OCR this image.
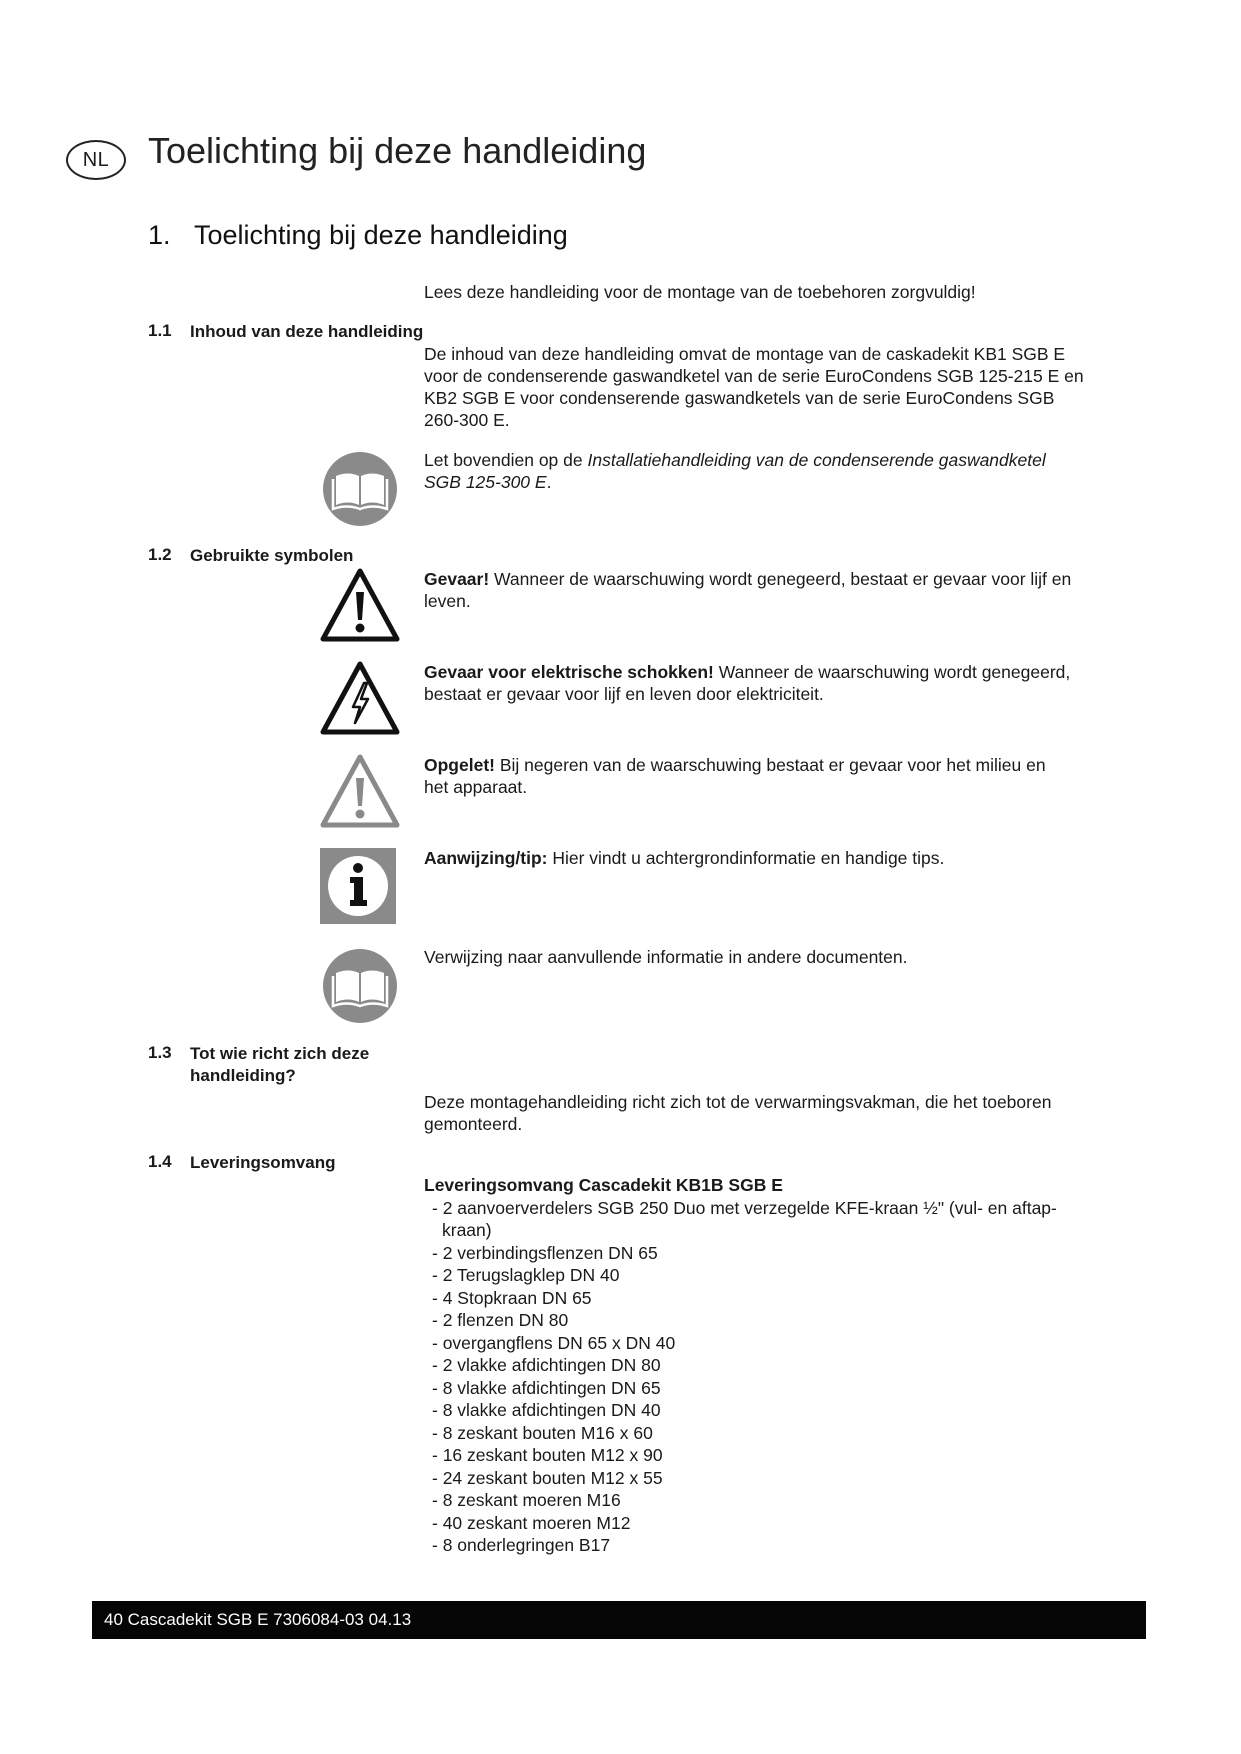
NL Toelichting bij deze handleiding
1. Toelichting bij deze handleiding

Lees deze handleiding voor de montage van de toebehoren zorgvuldig!

1.1	Inhoud van deze handleiding

De inhoud van deze handleiding omvat de montage van de caskadekit KB1 SGB E voor de condenserende gaswandketel van de serie EuroCondens SGB 125-215 E en KB2 SGB E voor condenserende gaswandketels van de serie EuroCondens SGB 260-300 E.

Let bovendien op de Installatiehandleiding van de condenserende gaswandketel SGB 125-300 E.

1.2	Gebruikte symbolen

Gevaar! Wanneer de waarschuwing wordt genegeerd, bestaat er gevaar voor lijf en leven.

Gevaar voor elektrische schokken! Wanneer de waarschuwing wordt genegeerd, bestaat er gevaar voor lijf en leven door elektriciteit.

Opgelet! Bij negeren van de waarschuwing bestaat er gevaar voor het milieu en het apparaat.

Aanwijzing/tip: Hier vindt u achtergrondinformatie en handige tips.

Verwijzing naar aanvullende informatie in andere documenten.

1.3	Tot wie richt zich deze handleiding?

Deze montagehandleiding richt zich tot de verwarmingsvakman, die het toeboren gemonteerd.

1.4	Leveringsomvang

Leveringsomvang Cascadekit KB1B SGB E

- 2 aanvoerverdelers SGB 250 Duo met verzegelde KFE-kraan ½" (vul- en aftap-kraan)
- 2 verbindingsflenzen DN 65
- 2 Terugslagklep DN 40
- 4 Stopkraan DN 65
- 2 flenzen DN 80
- overgangflens DN 65 x DN 40
- 2 vlakke afdichtingen DN 80
- 8 vlakke afdichtingen DN 65
- 8 vlakke afdichtingen DN 40
- 8 zeskant bouten M16 x 60
- 16 zeskant bouten M12 x 90
- 24 zeskant bouten M12 x 55
- 8 zeskant moeren M16
- 40 zeskant moeren M12
- 8 onderlegringen B17
40 Cascadekit SGB E 7306084-03 04.13
